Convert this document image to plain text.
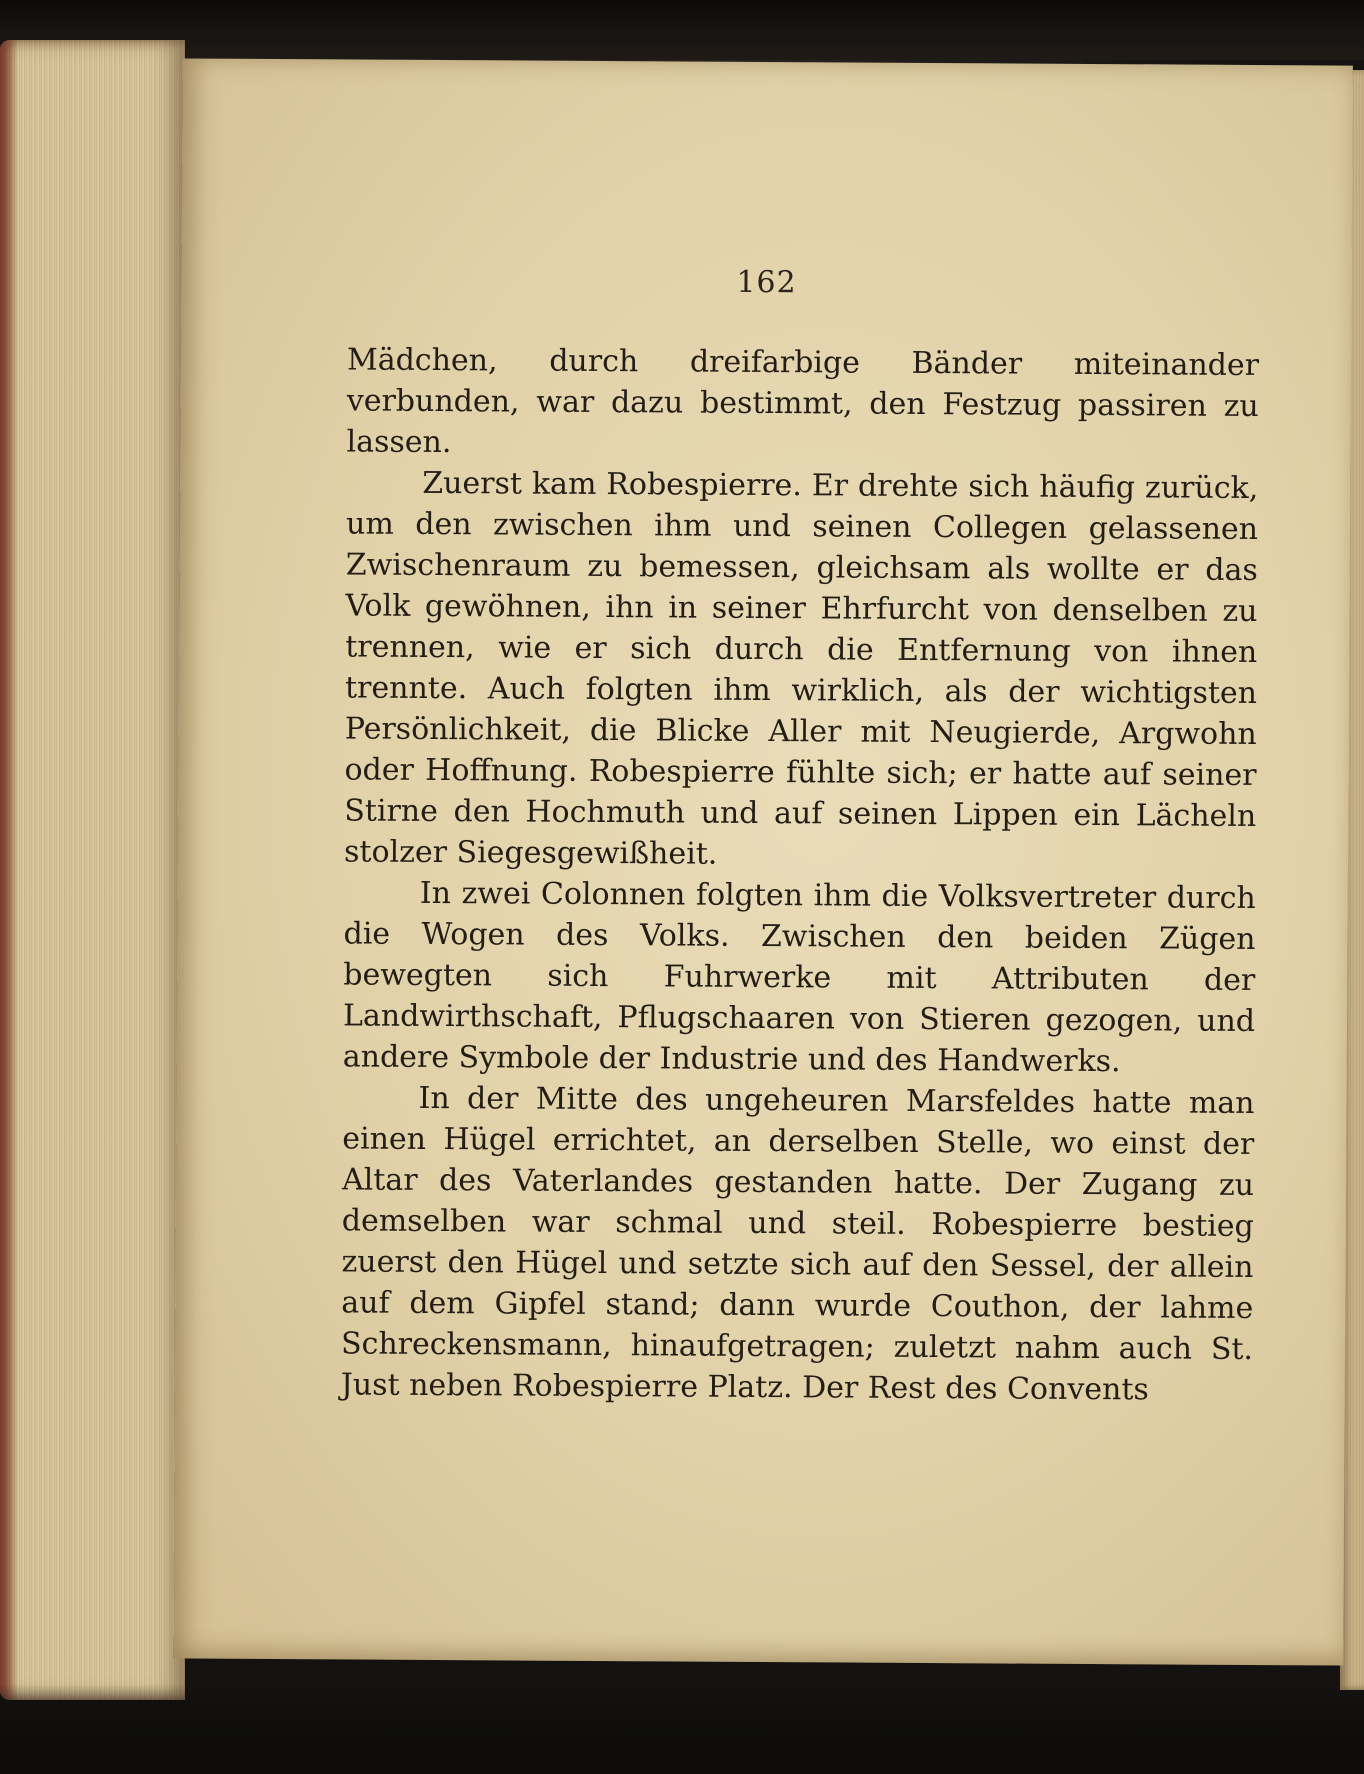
162

Mädchen, durch dreifarbige Bänder miteinander verbunden, war dazu bestimmt, den Festzug passiren zu lassen.

Zuerst kam Robespierre. Er drehte sich häufig zurück, um den zwischen ihm und seinen Collegen gelassenen Zwischenraum zu bemessen, gleichsam als wollte er das Volk gewöhnen, ihn in seiner Ehrfurcht von denselben zu trennen, wie er sich durch die Entfernung von ihnen trennte. Auch folgten ihm wirklich, als der wichtigsten Persönlichkeit, die Blicke Aller mit Neugierde, Argwohn oder Hoffnung. Robespierre fühlte sich; er hatte auf seiner Stirne den Hochmuth und auf seinen Lippen ein Lächeln stolzer Siegesgewißheit.

In zwei Colonnen folgten ihm die Volksvertreter durch die Wogen des Volks. Zwischen den beiden Zügen bewegten sich Fuhrwerke mit Attributen der Landwirthschaft, Pflugschaaren von Stieren gezogen, und andere Symbole der Industrie und des Handwerks.

In der Mitte des ungeheuren Marsfeldes hatte man einen Hügel errichtet, an derselben Stelle, wo einst der Altar des Vaterlandes gestanden hatte. Der Zugang zu demselben war schmal und steil. Robespierre bestieg zuerst den Hügel und setzte sich auf den Sessel, der allein auf dem Gipfel stand; dann wurde Couthon, der lahme Schreckensmann, hinaufgetragen; zuletzt nahm auch St. Just neben Robespierre Platz. Der Rest des Convents
